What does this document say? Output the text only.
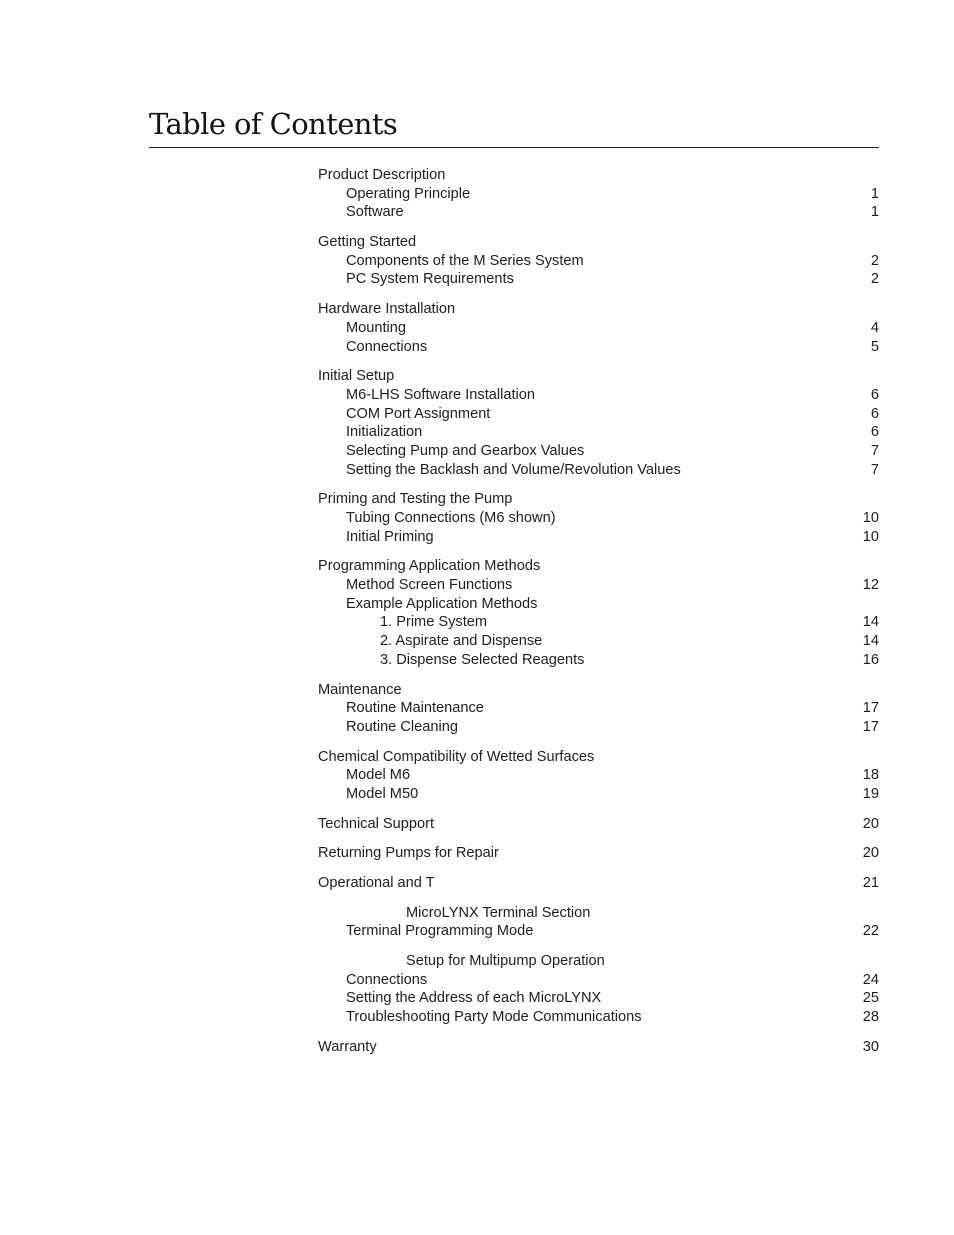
Table of Contents
Product Description
Operating Principle	1
Software	1
Getting Started
Components of the M Series System	2
PC System Requirements	2
Hardware Installation
Mounting	4
Connections	5
Initial Setup
M6-LHS Software Installation	6
COM Port Assignment	6
Initialization	6
Selecting Pump and Gearbox Values	7
Setting the Backlash and Volume/Revolution Values	7
Priming and Testing the Pump
Tubing Connections (M6 shown)	10
Initial Priming	10
Programming Application Methods
Method Screen Functions	12
Example Application Methods
1. Prime System	14
2. Aspirate and Dispense	14
3. Dispense Selected Reagents	16
Maintenance
Routine Maintenance	17
Routine Cleaning	17
Chemical Compatibility of Wetted Surfaces
Model M6	18
Model M50	19
Technical Support	20
Returning Pumps for Repair	20
Operational and T	21
MicroLYNX Terminal Section
Terminal Programming Mode	22
Setup for Multipump Operation
Connections	24
Setting the Address of each MicroLYNX	25
Troubleshooting Party Mode Communications	28
Warranty	30
